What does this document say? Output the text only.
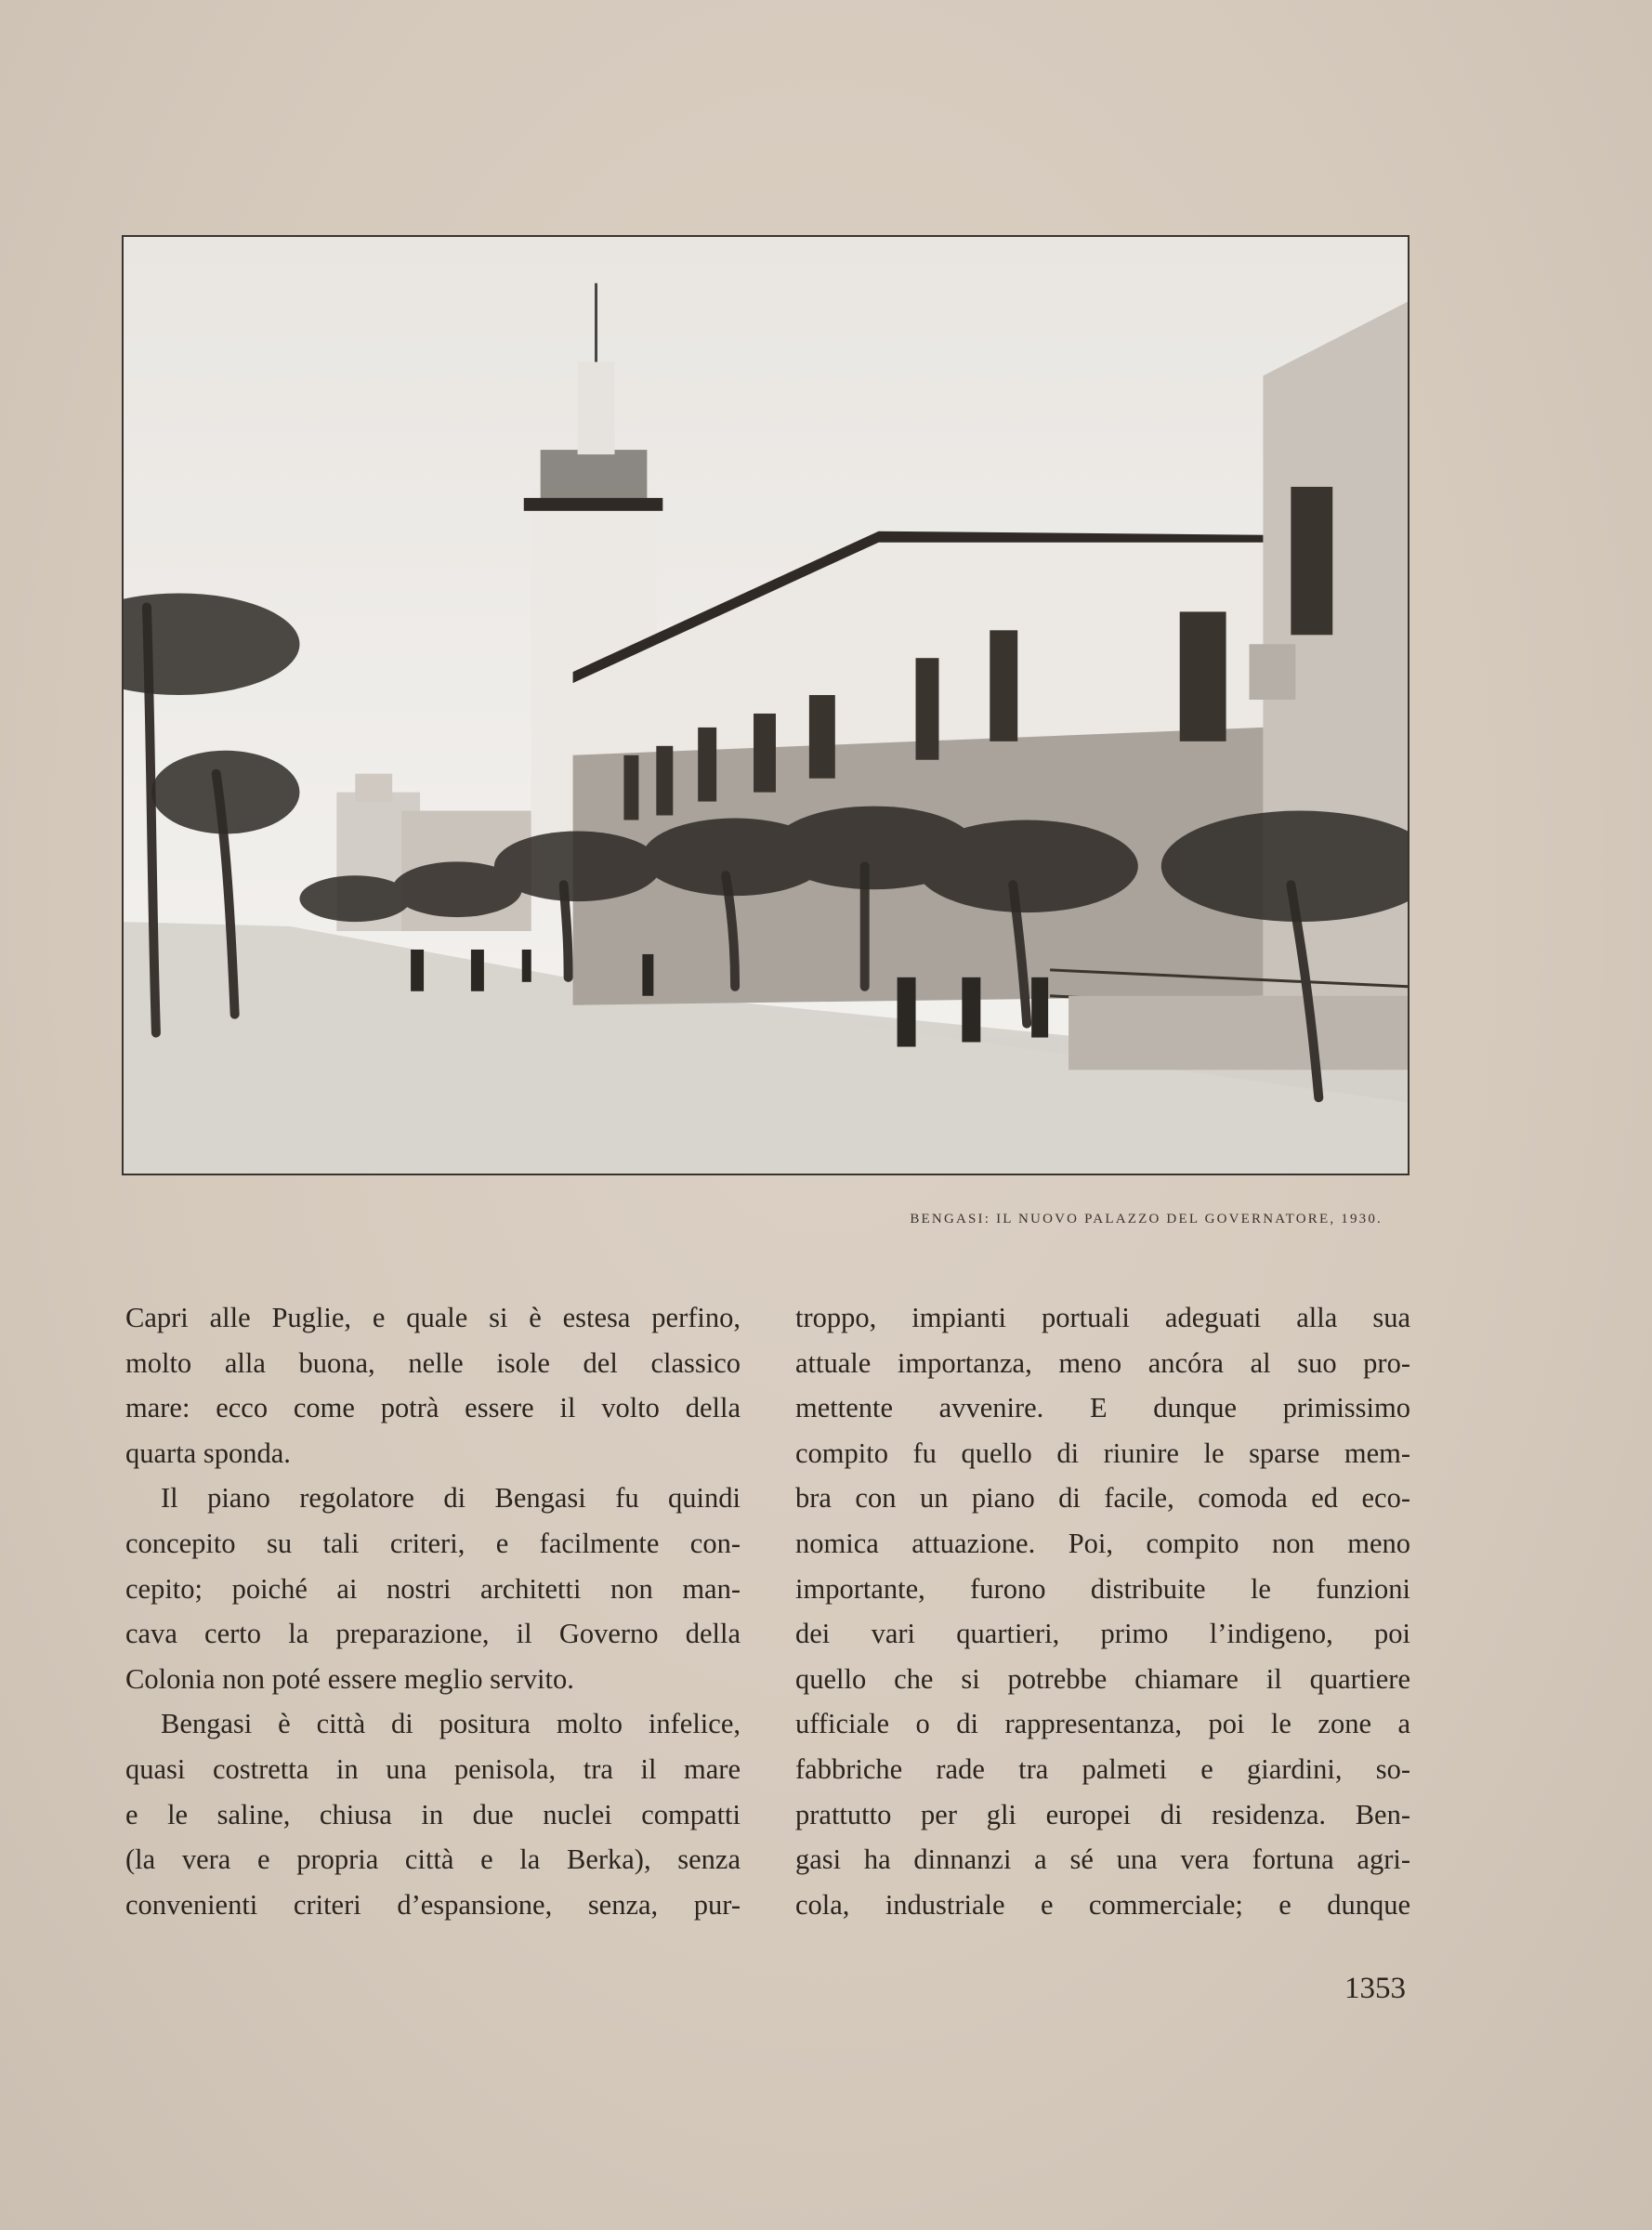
BENGASI: IL NUOVO PALAZZO DEL GOVERNATORE, 1930.
Capri alle Puglie, e quale si è estesa perfino,
molto alla buona, nelle isole del classico
mare: ecco come potrà essere il volto della
quarta sponda.
Il piano regolatore di Bengasi fu quindi
concepito su tali criteri, e facilmente con-
cepito; poiché ai nostri architetti non man-
cava certo la preparazione, il Governo della
Colonia non poté essere meglio servito.
Bengasi è città di positura molto infelice,
quasi costretta in una penisola, tra il mare
e le saline, chiusa in due nuclei compatti
(la vera e propria città e la Berka), senza
convenienti criteri d’espansione, senza, pur-
troppo, impianti portuali adeguati alla sua
attuale importanza, meno ancóra al suo pro-
mettente avvenire. E dunque primissimo
compito fu quello di riunire le sparse mem-
bra con un piano di facile, comoda ed eco-
nomica attuazione. Poi, compito non meno
importante, furono distribuite le funzioni
dei vari quartieri, primo l’indigeno, poi
quello che si potrebbe chiamare il quartiere
ufficiale o di rappresentanza, poi le zone a
fabbriche rade tra palmeti e giardini, so-
prattutto per gli europei di residenza. Ben-
gasi ha dinnanzi a sé una vera fortuna agri-
cola, industriale e commerciale; e dunque
1353
